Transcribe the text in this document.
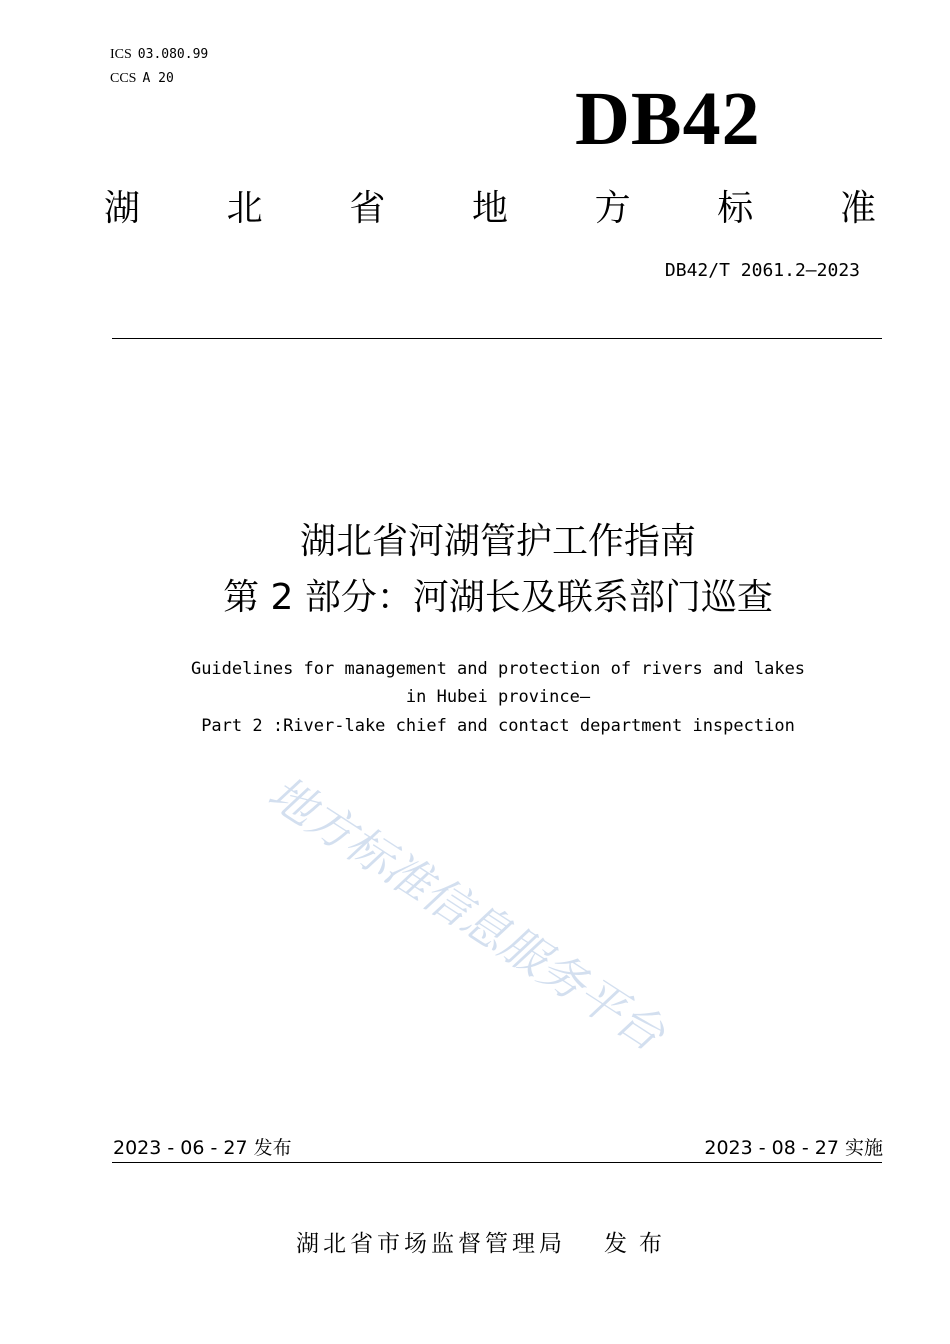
ICS 03.080.99
CCS A 20	DB42
湖 北 省 地 方 标 准
DB42/T 2061.2—2023
湖北省河湖管护工作指南
第 2 部分：河湖长及联系部门巡查
Guidelines for management and protection of rivers and lakes
in Hubei province—
Part 2 :River-lake chief and contact department inspection
地方标准信息服务平台
2023 - 06 - 27 发布	2023 - 08 - 27 实施
湖北省市场监督管理局 发布
